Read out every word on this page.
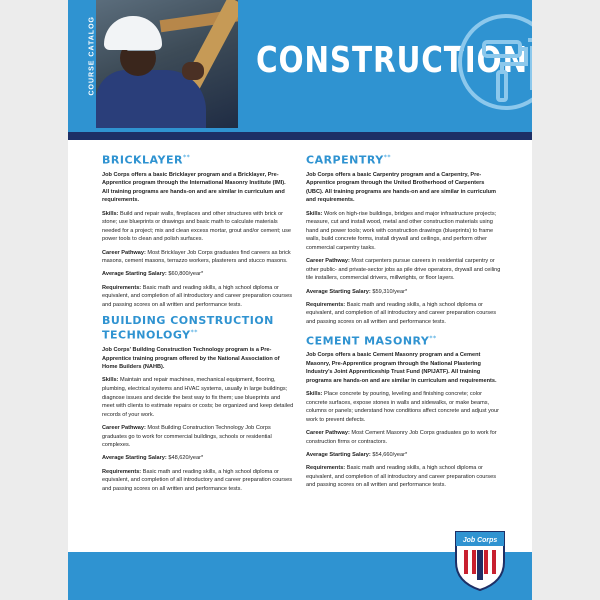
COURSE CATALOG	CONSTRUCTION
BRICKLAYER**

Job Corps offers a basic Bricklayer program and a Bricklayer, Pre-Apprentice program through the International Masonry Institute (IMI). All training programs are hands-on and are similar in curriculum and requirements.

Skills: Build and repair walls, fireplaces and other structures with brick or stone; use blueprints or drawings and basic math to calculate materials needed for a project; mix and clean excess mortar, grout and/or cement; use power tools to clean and polish surfaces.

Career Pathway: Most Bricklayer Job Corps graduates find careers as brick masons, cement masons, terrazzo workers, plasterers and stucco masons.

Average Starting Salary: $60,800/year*

Requirements: Basic math and reading skills, a high school diploma or equivalent, and completion of all introductory and career preparation courses and passing scores on all written and performance tests.

BUILDING CONSTRUCTION TECHNOLOGY**

Job Corps' Building Construction Technology program is a Pre-Apprentice training program offered by the National Association of Home Builders (NAHB).

Skills: Maintain and repair machines, mechanical equipment, flooring, plumbing, electrical systems and HVAC systems, usually in large buildings; diagnose issues and decide the best way to fix them; use blueprints and meet with clients to estimate repairs or costs; be organized and keep detailed records of your work.

Career Pathway: Most Building Construction Technology Job Corps graduates go to work for commercial buildings, schools or residential complexes.

Average Starting Salary: $48,620/year*

Requirements: Basic math and reading skills, a high school diploma or equivalent, and completion of all introductory and career preparation courses and passing scores on all written and performance tests.

CARPENTRY**

Job Corps offers a basic Carpentry program and a Carpentry, Pre-Apprentice program through the United Brotherhood of Carpenters (UBC). All training programs are hands-on and are similar in curriculum and requirements.

Skills: Work on high-rise buildings, bridges and major infrastructure projects; measure, cut and install wood, metal and other construction materials using hand and power tools; work with construction drawings (blueprints) to frame walls, build concrete forms, install drywall and ceilings, and perform other commercial carpentry tasks.

Career Pathway: Most carpenters pursue careers in residential carpentry or other public- and private-sector jobs as pile drive operators, drywall and ceiling tile installers, commercial drivers, millwrights, or floor layers.

Average Starting Salary: $59,310/year*

Requirements: Basic math and reading skills, a high school diploma or equivalent, and completion of all introductory and career preparation courses and passing scores on all written and performance tests.

CEMENT MASONRY**

Job Corps offers a basic Cement Masonry program and a Cement Masonry, Pre-Apprentice program through the National Plastering Industry's Joint Apprenticeship Trust Fund (NPIJATF). All training programs are hands-on and are similar in curriculum and requirements.

Skills: Place concrete by pouring, leveling and finishing concrete; color concrete surfaces, expose stones in walls and sidewalks, or make beams, columns or panels; understand how conditions affect concrete and adjust your work to prevent defects.

Career Pathway: Most Cement Masonry Job Corps graduates go to work for construction firms or contractors.

Average Starting Salary: $54,660/year*

Requirements: Basic math and reading skills, a high school diploma or equivalent, and completion of all introductory and career preparation courses and passing scores on all written and performance tests.

Job Corps
